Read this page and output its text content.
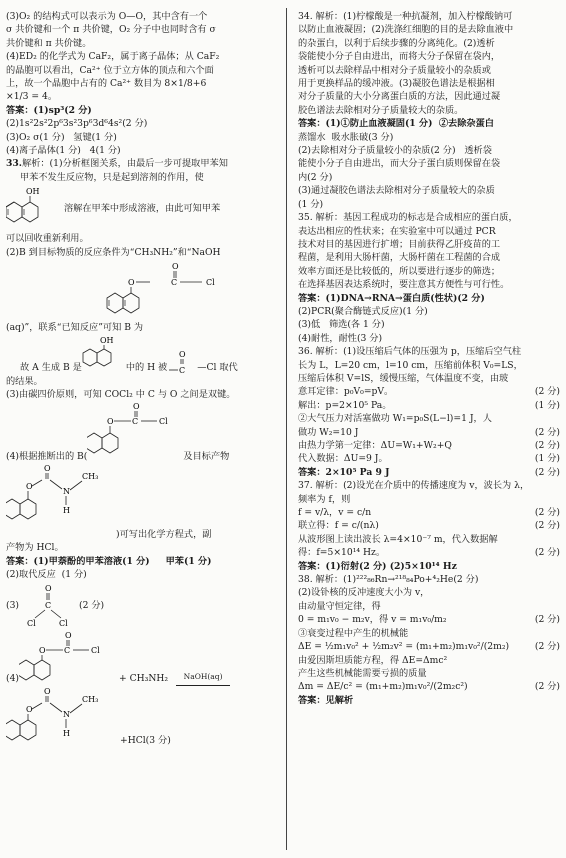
(3)O₂ 的结构式可以表示为 O—O，其中含有一个

σ 共价键和一个 π 共价键，O₂ 分子中也同时含有 σ

共价键和 π 共价键。

(4)ED₂ 的化学式为 CaF₂，属于离子晶体；从 CaF₂

的晶胞可以看出，Ca²⁺ 位于立方体的顶点和六个面

上，故一个晶胞中占有的 Ca²⁺ 数目为 8×1/8+6

×1/3 = 4。

答案：(1)sp³(2 分)

(2)1s²2s²2p⁶3s²3p⁶3d⁶4s²(2 分)

(3)O₂ σ(1 分)   氢键(1 分)

(4)离子晶体(1 分)   4(1 分)

33.解析：(1)分析框图关系，由最后一步可提取甲苯知

甲苯不发生反应物，只是起到溶剂的作用，使

OH
溶解在甲苯中形成溶液，由此可知甲苯

可以回收重新利用。

(2)B 到目标物质的反应条件为“CH₃NH₂”和“NaOH

O
O	C	Cl

(aq)”，联系“已知反应”可知 B 为

故 A 生成 B 是
OH
中的 H 被
O
C —Cl 取代

的结果。

(3)由碳四价原则，可知 COCl₂ 中 C 与 O 之间是双键。

(4)根据推断出的 B(
O
O C	Cl
及目标产物
O
O
N
CH₃
H
)可写出化学方程式，副

产物为 HCl。

答案：(1)甲萘酚的甲苯溶液(1 分)     甲苯(1 分)

(2)取代反应  (1 分)

(3)
O
C
Cl	Cl
(2 分)
(4)
O
O C	Cl
+ CH₃NH₂ NaOH(aq)
O
O
N
CH₃
H
+HCl(3 分)

34. 解析：(1)柠檬酸是一种抗凝剂，加入柠檬酸钠可

以防止血液凝固；(2)洗涤红细胞的目的是去除血液中

的杂蛋白，以利于后续步骤的分离纯化。(2)透析

袋能使小分子自由进出，而将大分子保留在袋内，

透析可以去除样品中相对分子质量较小的杂质或

用于更换样品的缓冲液。(3)凝胶色谱法是根据相

对分子质量的大小分离蛋白质的方法，因此通过凝

胶色谱法去除相对分子质量较大的杂质。

答案：(1)①防止血液凝固(1 分)  ②去除杂蛋白

蒸馏水  吸水胀破(3 分)

(2)去除相对分子质量较小的杂质(2 分)   透析袋

能使小分子自由进出，而大分子蛋白质则保留在袋

内(2 分)

(3)通过凝胶色谱法去除相对分子质量较大的杂质

(1 分)

35. 解析：基因工程成功的标志是合成相应的蛋白质，

表达出相应的性状来；在实验室中可以通过 PCR

技术对目的基因进行扩增；目前获得乙肝疫苗的工

程菌，是利用大肠杆菌，大肠杆菌在工程菌的合成

效率方面还是比较低的，所以要进行逐步的筛选；

在选择基因表达系统时，要注意其方便性与可行性。

答案：(1)DNA→RNA→蛋白质(性状)(2 分)

(2)PCR(聚合酶链式反应)(1 分)

(3)低   筛选(各 1 分)

(4)耐性，耐性(3 分)

36. 解析：(1)设压缩后气体的压强为 p，压缩后空气柱
长为 L，L=20 cm，l=10 cm，压缩前体积 V₀=LS，
压缩后体积 V=lS，缓慢压缩，气体温度不变，由玻
意耳定律：p₀V₀=pV。	(2 分)
解出：p=2×10⁵ Pa。	(1 分)
②大气压力对活塞做功 W₁=p₀S(L−l)=1 J，人
做功 W₂=10 J	(2 分)
由热力学第一定律：ΔU=W₁+W₂+Q	(2 分)
代入数据：ΔU=9 J。	(1 分)
答案：2×10⁵ Pa 9 J	(2 分)
37. 解析：(2)设光在介质中的传播速度为 v，波长为 λ，
频率为 f，则
f = v/λ，v = c/n	(2 分)
联立得：f = c/(nλ)	(2 分)
从波形图上读出波长 λ=4×10⁻⁷ m，代入数据解
得：f=5×10¹⁴ Hz。	(2 分)
答案：(1)衍射(2 分) (2)5×10¹⁴ Hz
38. 解析：(1)²²²₈₆Rn→²¹⁸₈₄Po+⁴₂He(2 分)
(2)设钋核的反冲速度大小为 v，
由动量守恒定律，得
0 = m₁v₀ − m₂v，得 v = m₁v₀/m₂	(2 分)
③衰变过程中产生的机械能
ΔE = ½m₁v₀² + ½m₂v² = (m₁+m₂)m₁v₀²/(2m₂)	(2 分)
由爱因斯坦质能方程，得 ΔE=Δmc²
产生这些机械能需要亏损的质量
Δm = ΔE/c² = (m₁+m₂)m₁v₀²/(2m₂c²)	(2 分)
答案：见解析
